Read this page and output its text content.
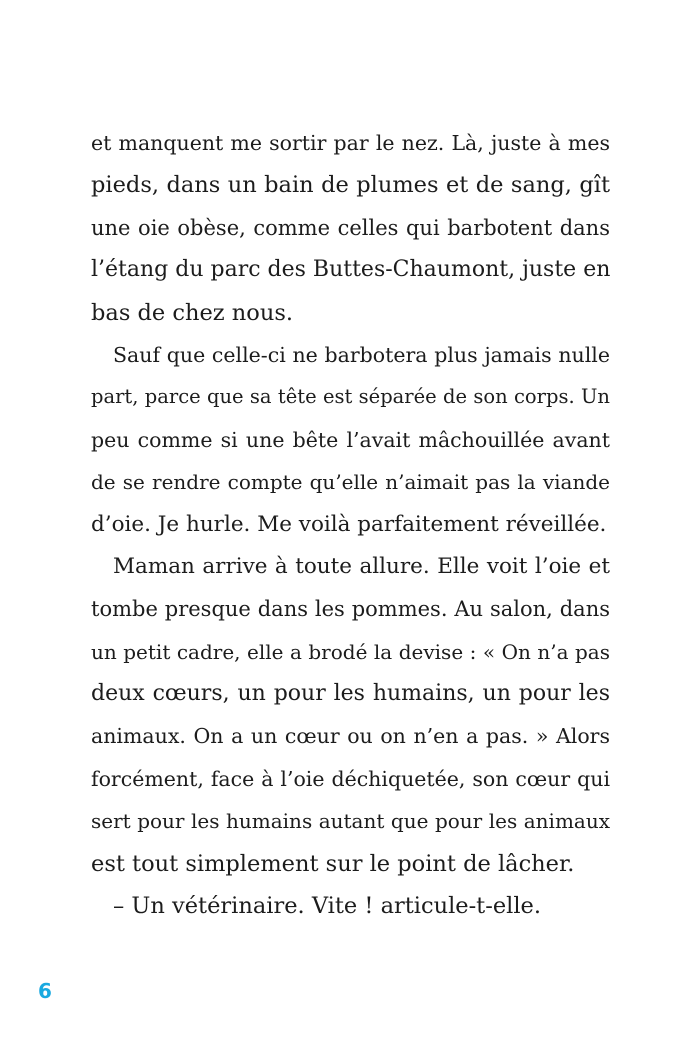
et manquent me sortir par le nez. Là, juste à mes
pieds, dans un bain de plumes et de sang, gît
une oie obèse, comme celles qui barbotent dans
l’étang du parc des Buttes-Chaumont, juste en
bas de chez nous.
Sauf que celle-ci ne barbotera plus jamais nulle
part, parce que sa tête est séparée de son corps. Un
peu comme si une bête l’avait mâchouillée avant
de se rendre compte qu’elle n’aimait pas la viande
d’oie. Je hurle. Me voilà parfaitement réveillée.
Maman arrive à toute allure. Elle voit l’oie et
tombe presque dans les pommes. Au salon, dans
un petit cadre, elle a brodé la devise : « On n’a pas
deux cœurs, un pour les humains, un pour les
animaux. On a un cœur ou on n’en a pas. » Alors
forcément, face à l’oie déchiquetée, son cœur qui
sert pour les humains autant que pour les animaux
est tout simplement sur le point de lâcher.
– Un vétérinaire. Vite ! articule-t-elle.
6
